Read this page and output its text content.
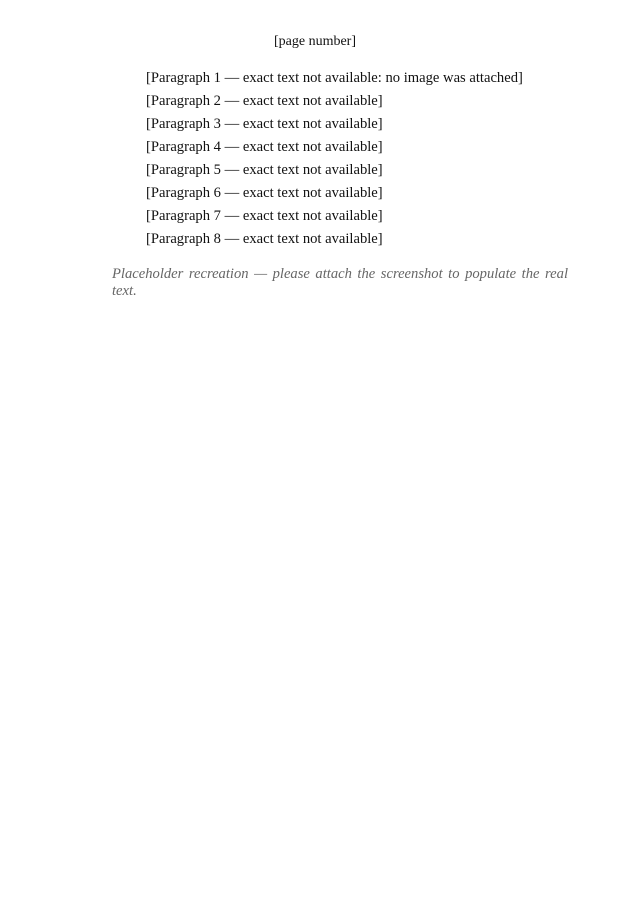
[page number]

[Paragraph 1 — exact text not available: no image was attached]

[Paragraph 2 — exact text not available]

[Paragraph 3 — exact text not available]

[Paragraph 4 — exact text not available]

[Paragraph 5 — exact text not available]

[Paragraph 6 — exact text not available]

[Paragraph 7 — exact text not available]

[Paragraph 8 — exact text not available]

Placeholder recreation — please attach the screenshot to populate the real text.
